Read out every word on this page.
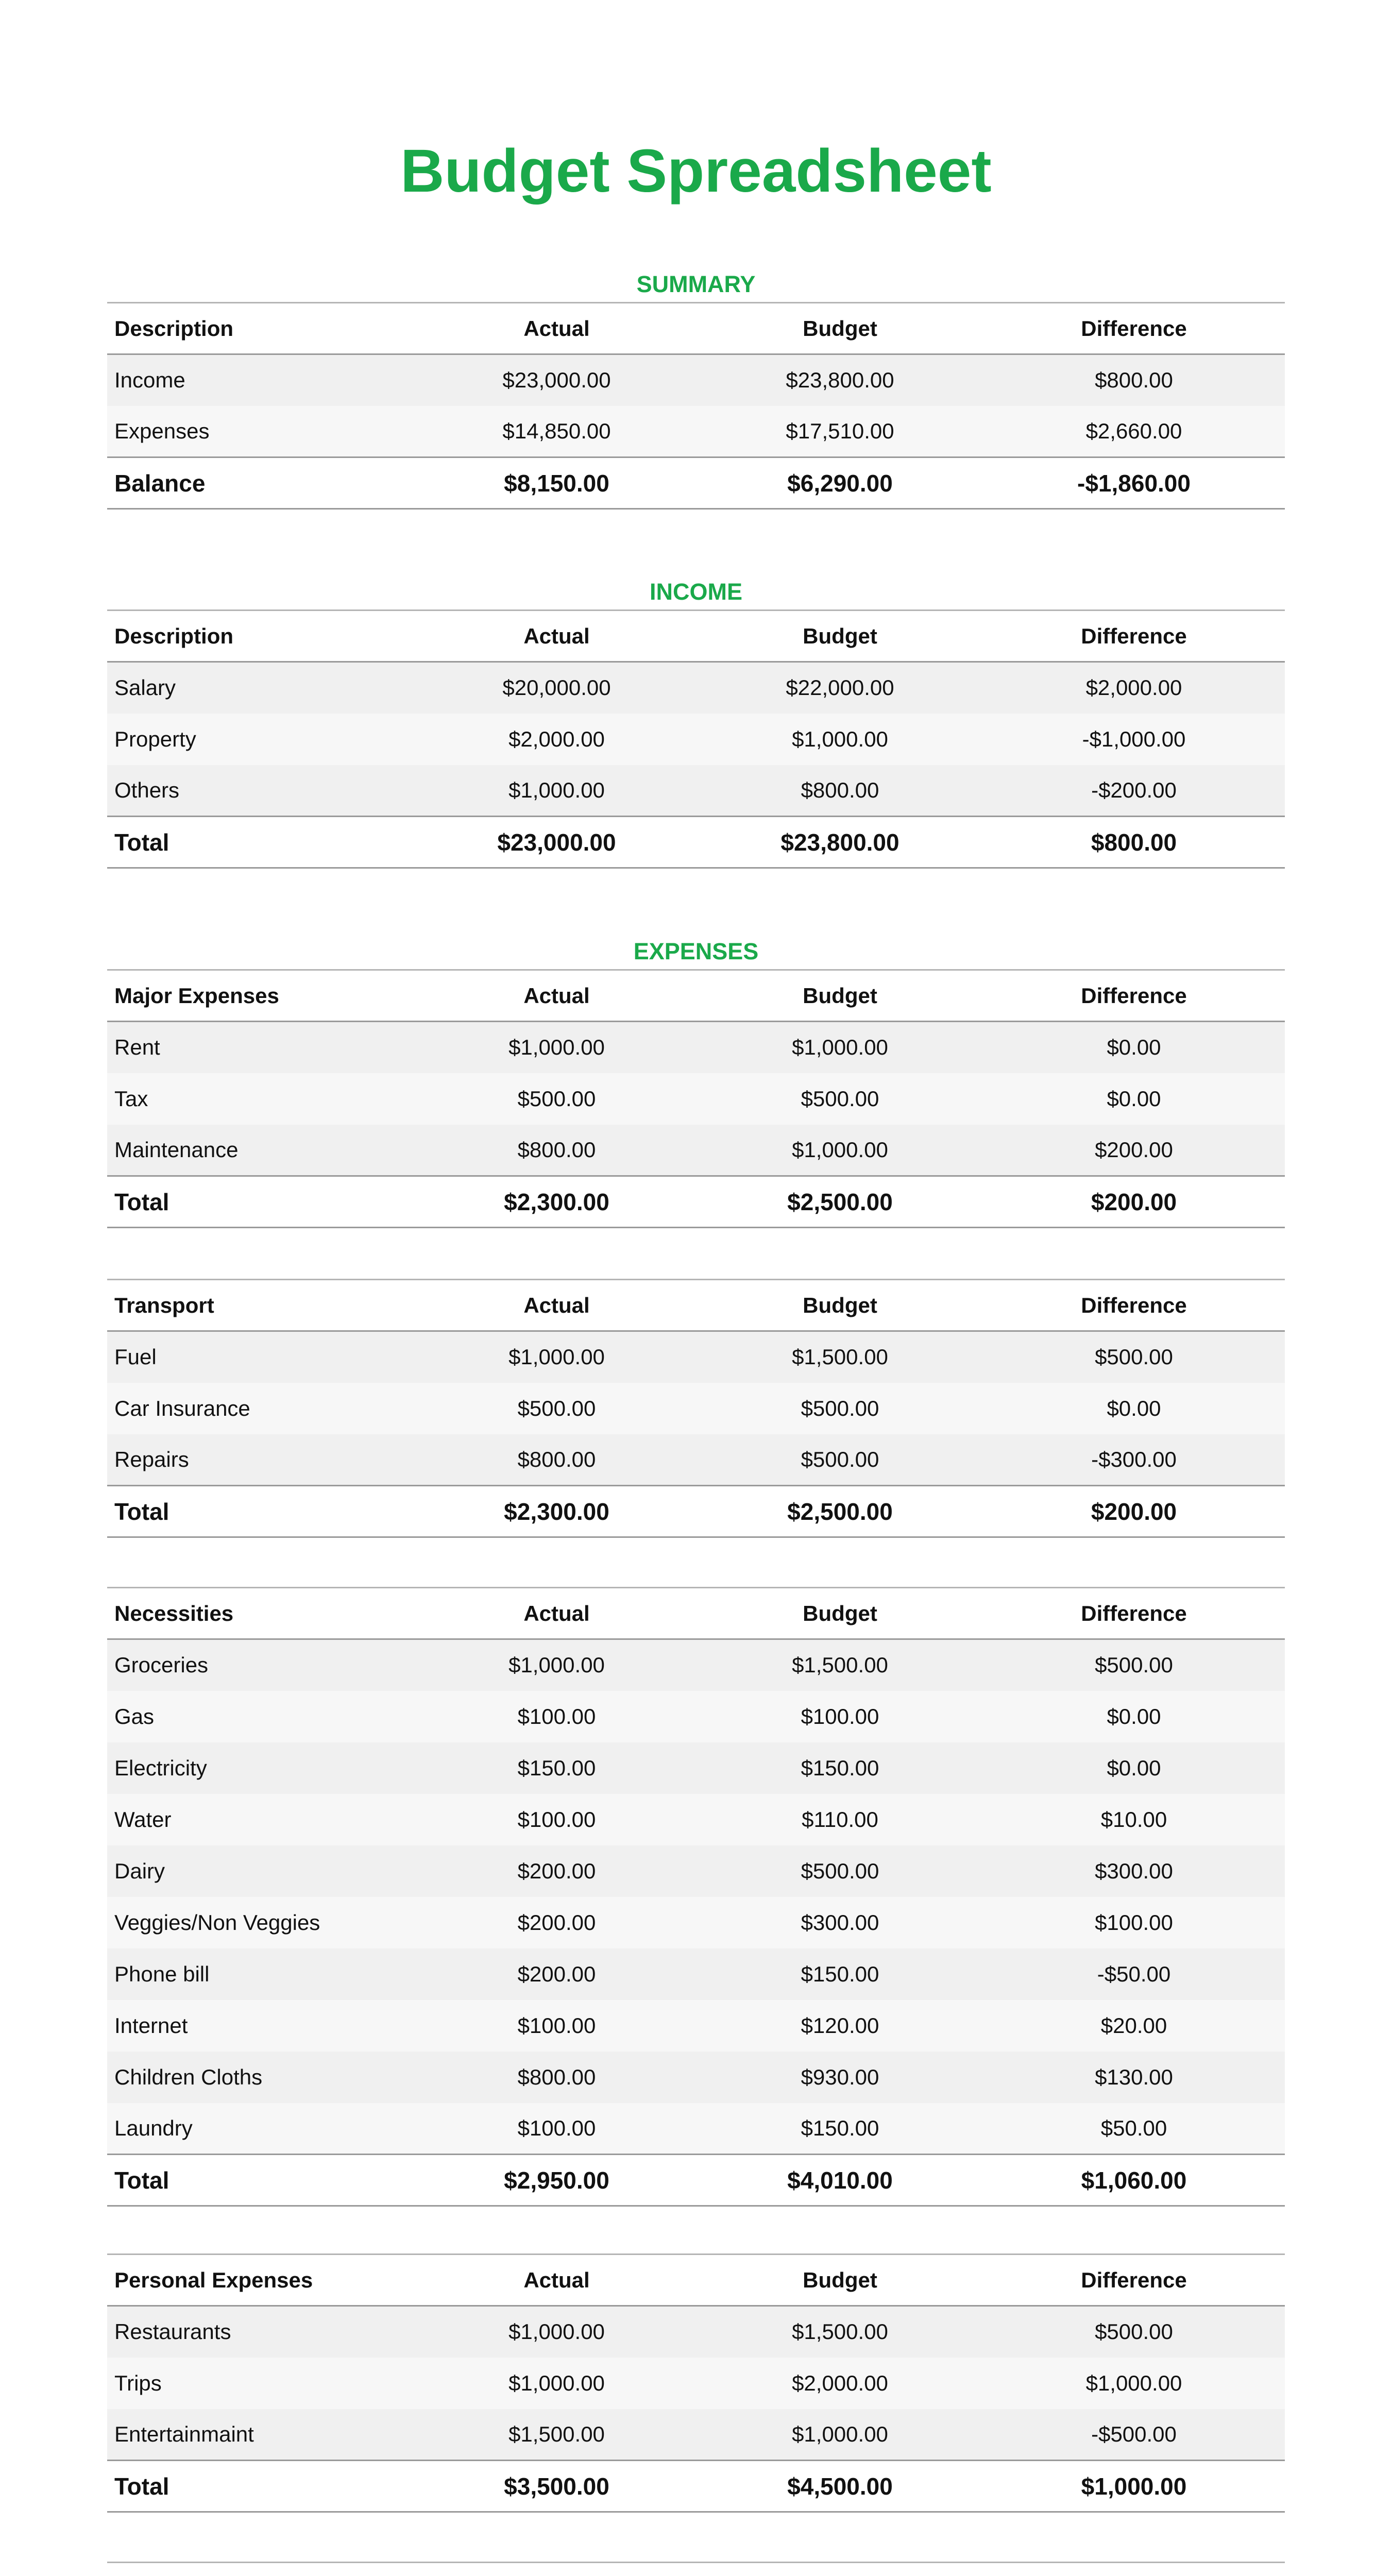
Budget Spreadsheet
SUMMARY
Description	Actual	Budget	Difference
Income	$23,000.00	$23,800.00	$800.00
Expenses	$14,850.00	$17,510.00	$2,660.00
Balance	$8,150.00	$6,290.00	-$1,860.00
INCOME
Description	Actual	Budget	Difference
Salary	$20,000.00	$22,000.00	$2,000.00
Property	$2,000.00	$1,000.00	-$1,000.00
Others	$1,000.00	$800.00	-$200.00
Total	$23,000.00	$23,800.00	$800.00
EXPENSES
Major Expenses	Actual	Budget	Difference
Rent	$1,000.00	$1,000.00	$0.00
Tax	$500.00	$500.00	$0.00
Maintenance	$800.00	$1,000.00	$200.00
Total	$2,300.00	$2,500.00	$200.00
Transport	Actual	Budget	Difference
Fuel	$1,000.00	$1,500.00	$500.00
Car Insurance	$500.00	$500.00	$0.00
Repairs	$800.00	$500.00	-$300.00
Total	$2,300.00	$2,500.00	$200.00
Necessities	Actual	Budget	Difference
Groceries	$1,000.00	$1,500.00	$500.00
Gas	$100.00	$100.00	$0.00
Electricity	$150.00	$150.00	$0.00
Water	$100.00	$110.00	$10.00
Dairy	$200.00	$500.00	$300.00
Veggies/Non Veggies	$200.00	$300.00	$100.00
Phone bill	$200.00	$150.00	-$50.00
Internet	$100.00	$120.00	$20.00
Children Cloths	$800.00	$930.00	$130.00
Laundry	$100.00	$150.00	$50.00
Total	$2,950.00	$4,010.00	$1,060.00
Personal Expenses	Actual	Budget	Difference
Restaurants	$1,000.00	$1,500.00	$500.00
Trips	$1,000.00	$2,000.00	$1,000.00
Entertainmaint	$1,500.00	$1,000.00	-$500.00
Total	$3,500.00	$4,500.00	$1,000.00
